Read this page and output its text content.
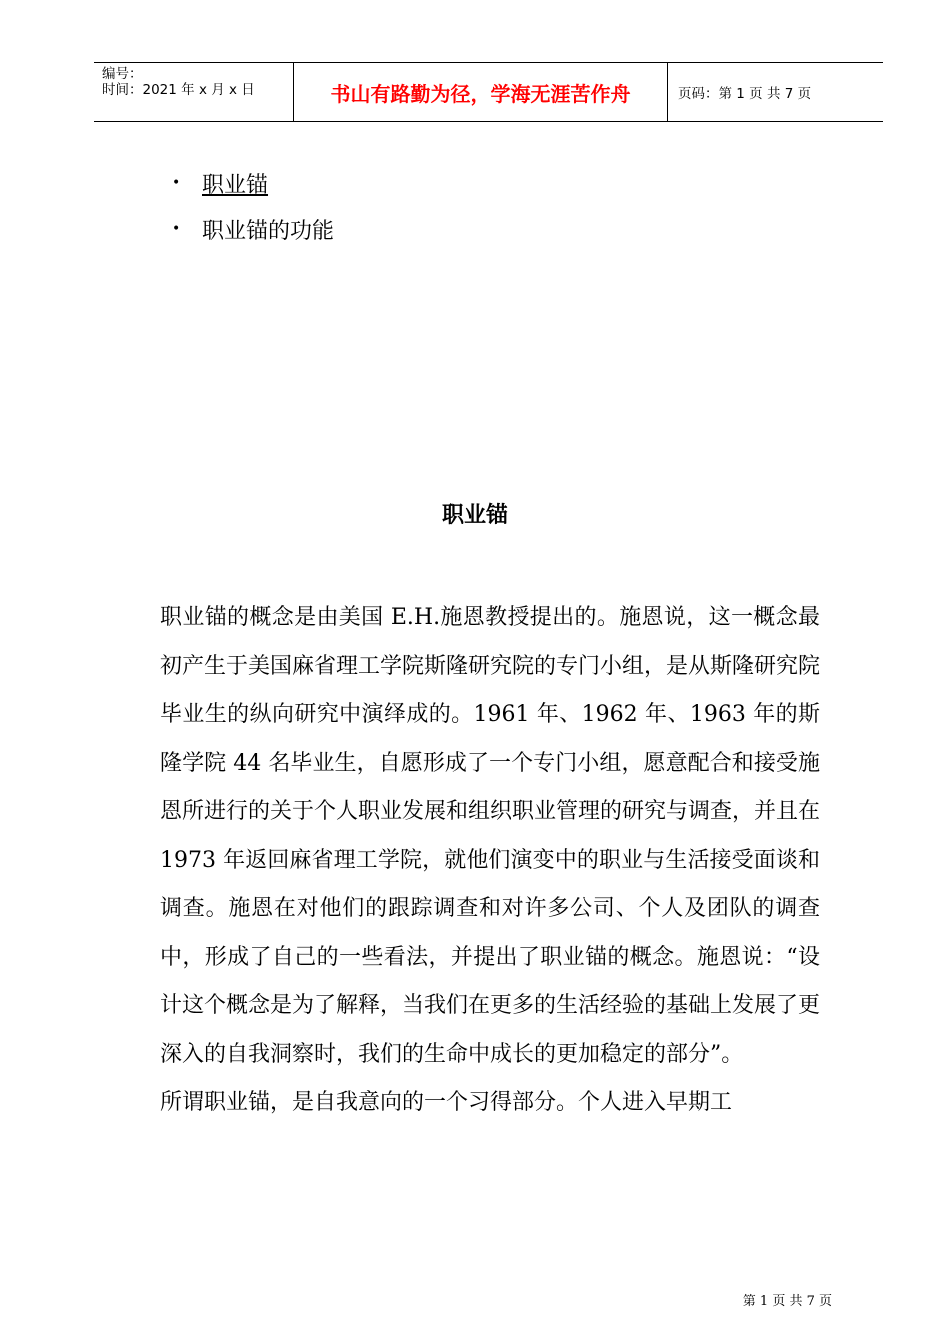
编号：
时间：2021 年 x 月 x 日	书山有路勤为径，学海无涯苦作舟	页码：第 1 页 共 7 页
• 职业锚
• 职业锚的功能
职业锚

职业锚的概念是由美国 E.H.施恩教授提出的。施恩说，这一概念最初产生于美国麻省理工学院斯隆研究院的专门小组，是从斯隆研究院毕业生的纵向研究中演绎成的。1961 年、1962 年、1963 年的斯隆学院 44 名毕业生，自愿形成了一个专门小组，愿意配合和接受施恩所进行的关于个人职业发展和组织职业管理的研究与调查，并且在 1973 年返回麻省理工学院，就他们演变中的职业与生活接受面谈和调查。施恩在对他们的跟踪调查和对许多公司、个人及团队的调查中，形成了自己的一些看法，并提出了职业锚的概念。施恩说：“设计这个概念是为了解释，当我们在更多的生活经验的基础上发展了更深入的自我洞察时，我们的生命中成长的更加稳定的部分”。

所谓职业锚，是自我意向的一个习得部分。个人进入早期工

第 1 页 共 7 页
